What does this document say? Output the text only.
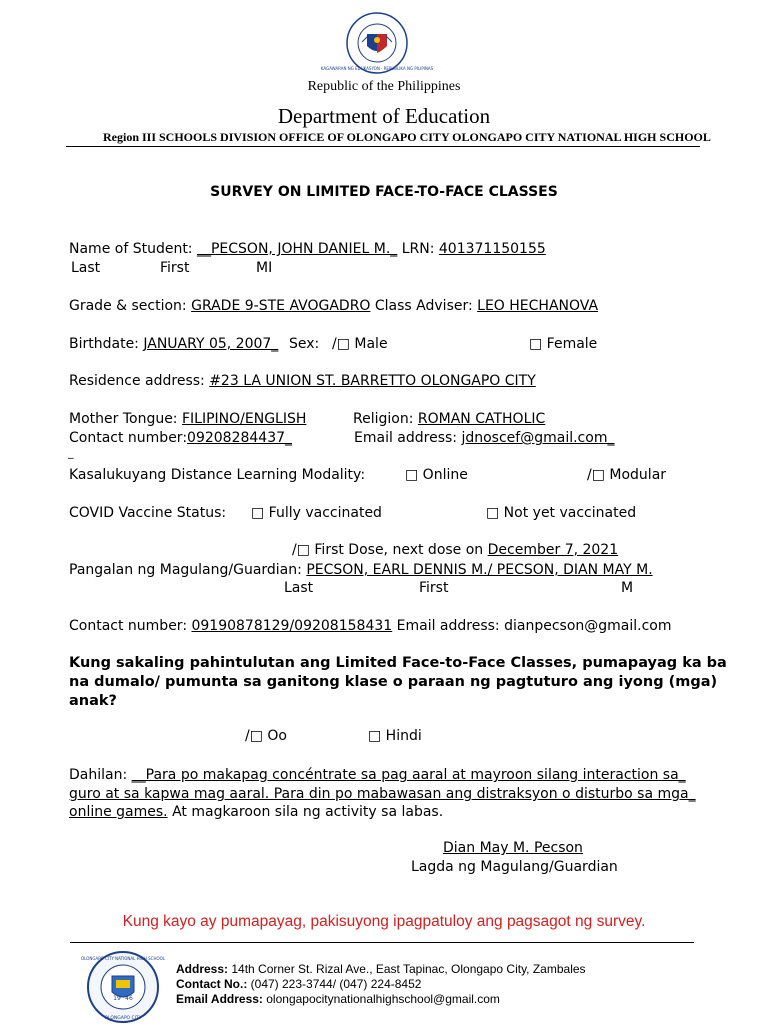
KAGAWARAN NG EDUKASYON · REPUBLIKA NG PILIPINAS
Republic of the Philippines
Department of Education
Region III SCHOOLS DIVISION OFFICE OF OLONGAPO CITY OLONGAPO CITY NATIONAL HIGH SCHOOL
SURVEY ON LIMITED FACE-TO-FACE CLASSES
Name of Student: __PECSON, JOHN DANIEL M._ LRN: 401371150155
Last	First	MI
Grade & section: GRADE 9-STE AVOGADRO Class Adviser: LEO HECHANOVA
Birthdate: JANUARY 05, 2007_ Sex: /□ Male	□ Female
Residence address: #23 LA UNION ST. BARRETTO OLONGAPO CITY
Mother Tongue: FILIPINO/ENGLISH	Religion: ROMAN CATHOLIC
Contact number:09208284437_	Email address: jdnoscef@gmail.com_
_
Kasalukuyang Distance Learning Modality:	□ Online	/□ Modular
COVID Vaccine Status: □ Fully vaccinated	□ Not yet vaccinated
/□ First Dose, next dose on December 7, 2021
Pangalan ng Magulang/Guardian: PECSON, EARL DENNIS M./ PECSON, DIAN MAY M.
Last	First	M
Contact number: 09190878129/09208158431 Email address: dianpecson@gmail.com
Kung sakaling pahintulutan ang Limited Face-to-Face Classes, pumapayag ka ba
na dumalo/ pumunta sa ganitong klase o paraan ng pagtuturo ang iyong (mga)
anak?
/□ Oo	□ Hindi
Dahilan: __Para po makapag concéntrate sa pag aaral at mayroon silang interaction sa_
guro at sa kapwa mag aaral. Para din po mabawasan ang distraksyon o disturbo sa mga_
online games. At magkaroon sila ng activity sa labas.
Dian May M. Pecson
Lagda ng Magulang/Guardian
Kung kayo ay pumapayag, pakisuyong ipagpatuloy ang pagsagot ng survey.
19 46
OLONGAPO CITY NATIONAL HIGH SCHOOL
OLONGAPO CITY
Address: 14th Corner St. Rizal Ave., East Tapinac, Olongapo City, Zambales
Contact No.: (047) 223-3744/ (047) 224-8452
Email Address: olongapocitynationalhighschool@gmail.com
